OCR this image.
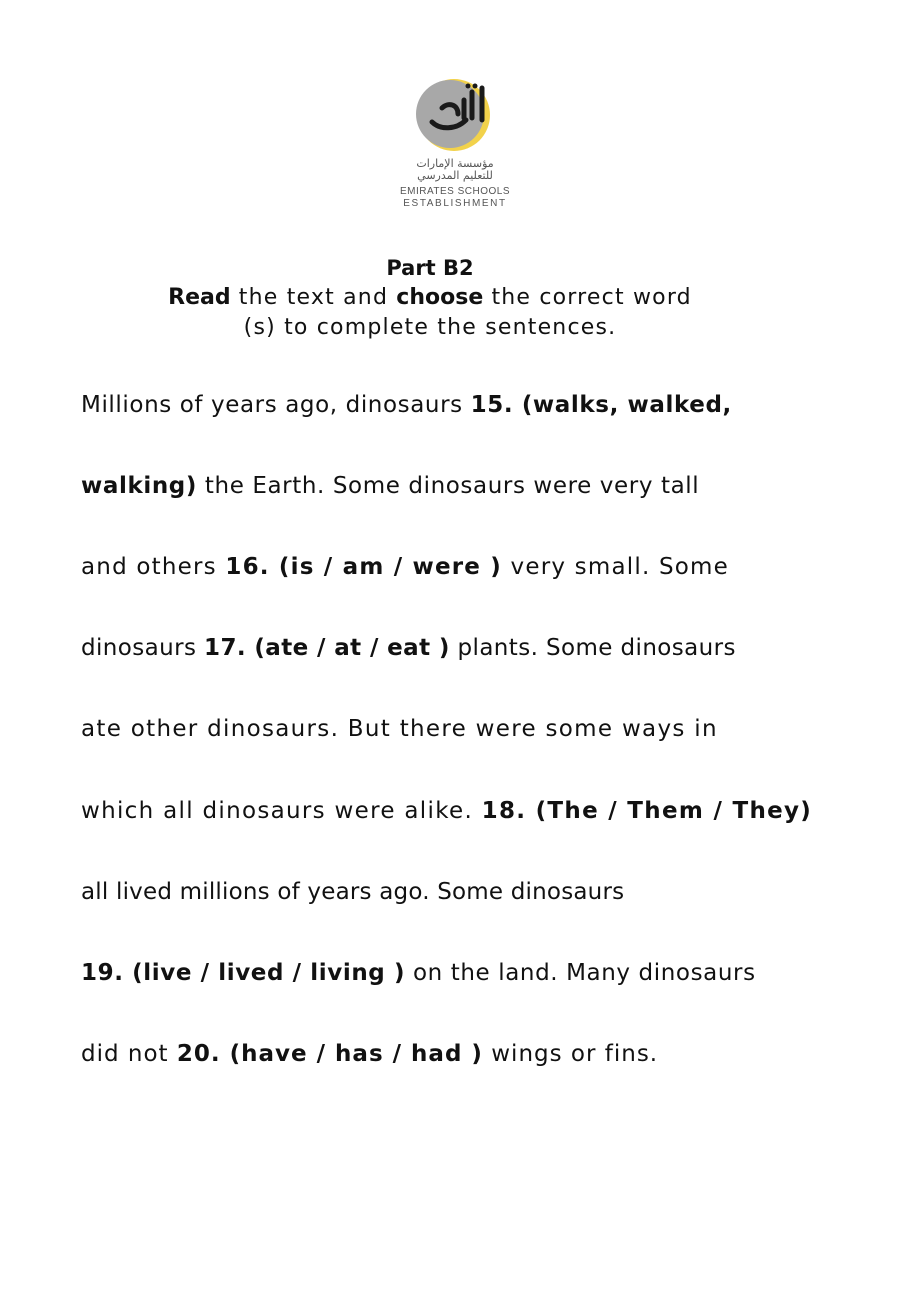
مؤسسة الإمارات
للتعليم المدرسي
EMIRATES SCHOOLS
ESTABLISHMENT
Part B2
Read the text and choose the correct word
(s) to complete the sentences.
Millions of years ago, dinosaurs 15. (walks, walked,
walking) the Earth. Some dinosaurs were very tall
and others 16. (is / am / were ) very small. Some
dinosaurs 17. (ate / at / eat ) plants. Some dinosaurs
ate other dinosaurs. But there were some ways in
which all dinosaurs were alike. 18. (The / Them / They)
all lived millions of years ago. Some dinosaurs
19. (live / lived / living ) on the land. Many dinosaurs
did not 20. (have / has / had ) wings or fins.
